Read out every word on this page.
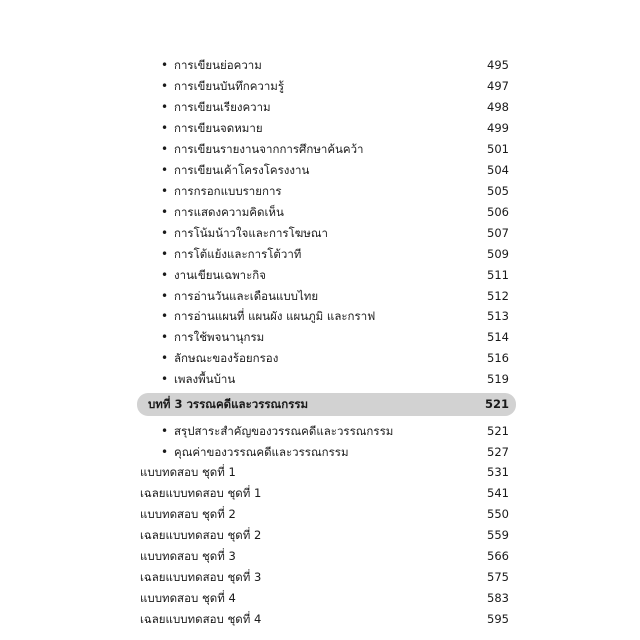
• การเขียนย่อความ	495
• การเขียนบันทึกความรู้	497
• การเขียนเรียงความ	498
• การเขียนจดหมาย	499
• การเขียนรายงานจากการศึกษาค้นคว้า	501
• การเขียนเค้าโครงโครงงาน	504
• การกรอกแบบรายการ	505
• การแสดงความคิดเห็น	506
• การโน้มน้าวใจและการโฆษณา	507
• การโต้แย้งและการโต้วาที	509
• งานเขียนเฉพาะกิจ	511
• การอ่านวันและเดือนแบบไทย	512
• การอ่านแผนที่ แผนผัง แผนภูมิ และกราฟ	513
• การใช้พจนานุกรม	514
• ลักษณะของร้อยกรอง	516
• เพลงพื้นบ้าน	519
บทที่ 3 วรรณคดีและวรรณกรรม	521
• สรุปสาระสำคัญของวรรณคดีและวรรณกรรม	521
• คุณค่าของวรรณคดีและวรรณกรรม	527
แบบทดสอบ ชุดที่ 1	531
เฉลยแบบทดสอบ ชุดที่ 1	541
แบบทดสอบ ชุดที่ 2	550
เฉลยแบบทดสอบ ชุดที่ 2	559
แบบทดสอบ ชุดที่ 3	566
เฉลยแบบทดสอบ ชุดที่ 3	575
แบบทดสอบ ชุดที่ 4	583
เฉลยแบบทดสอบ ชุดที่ 4	595
